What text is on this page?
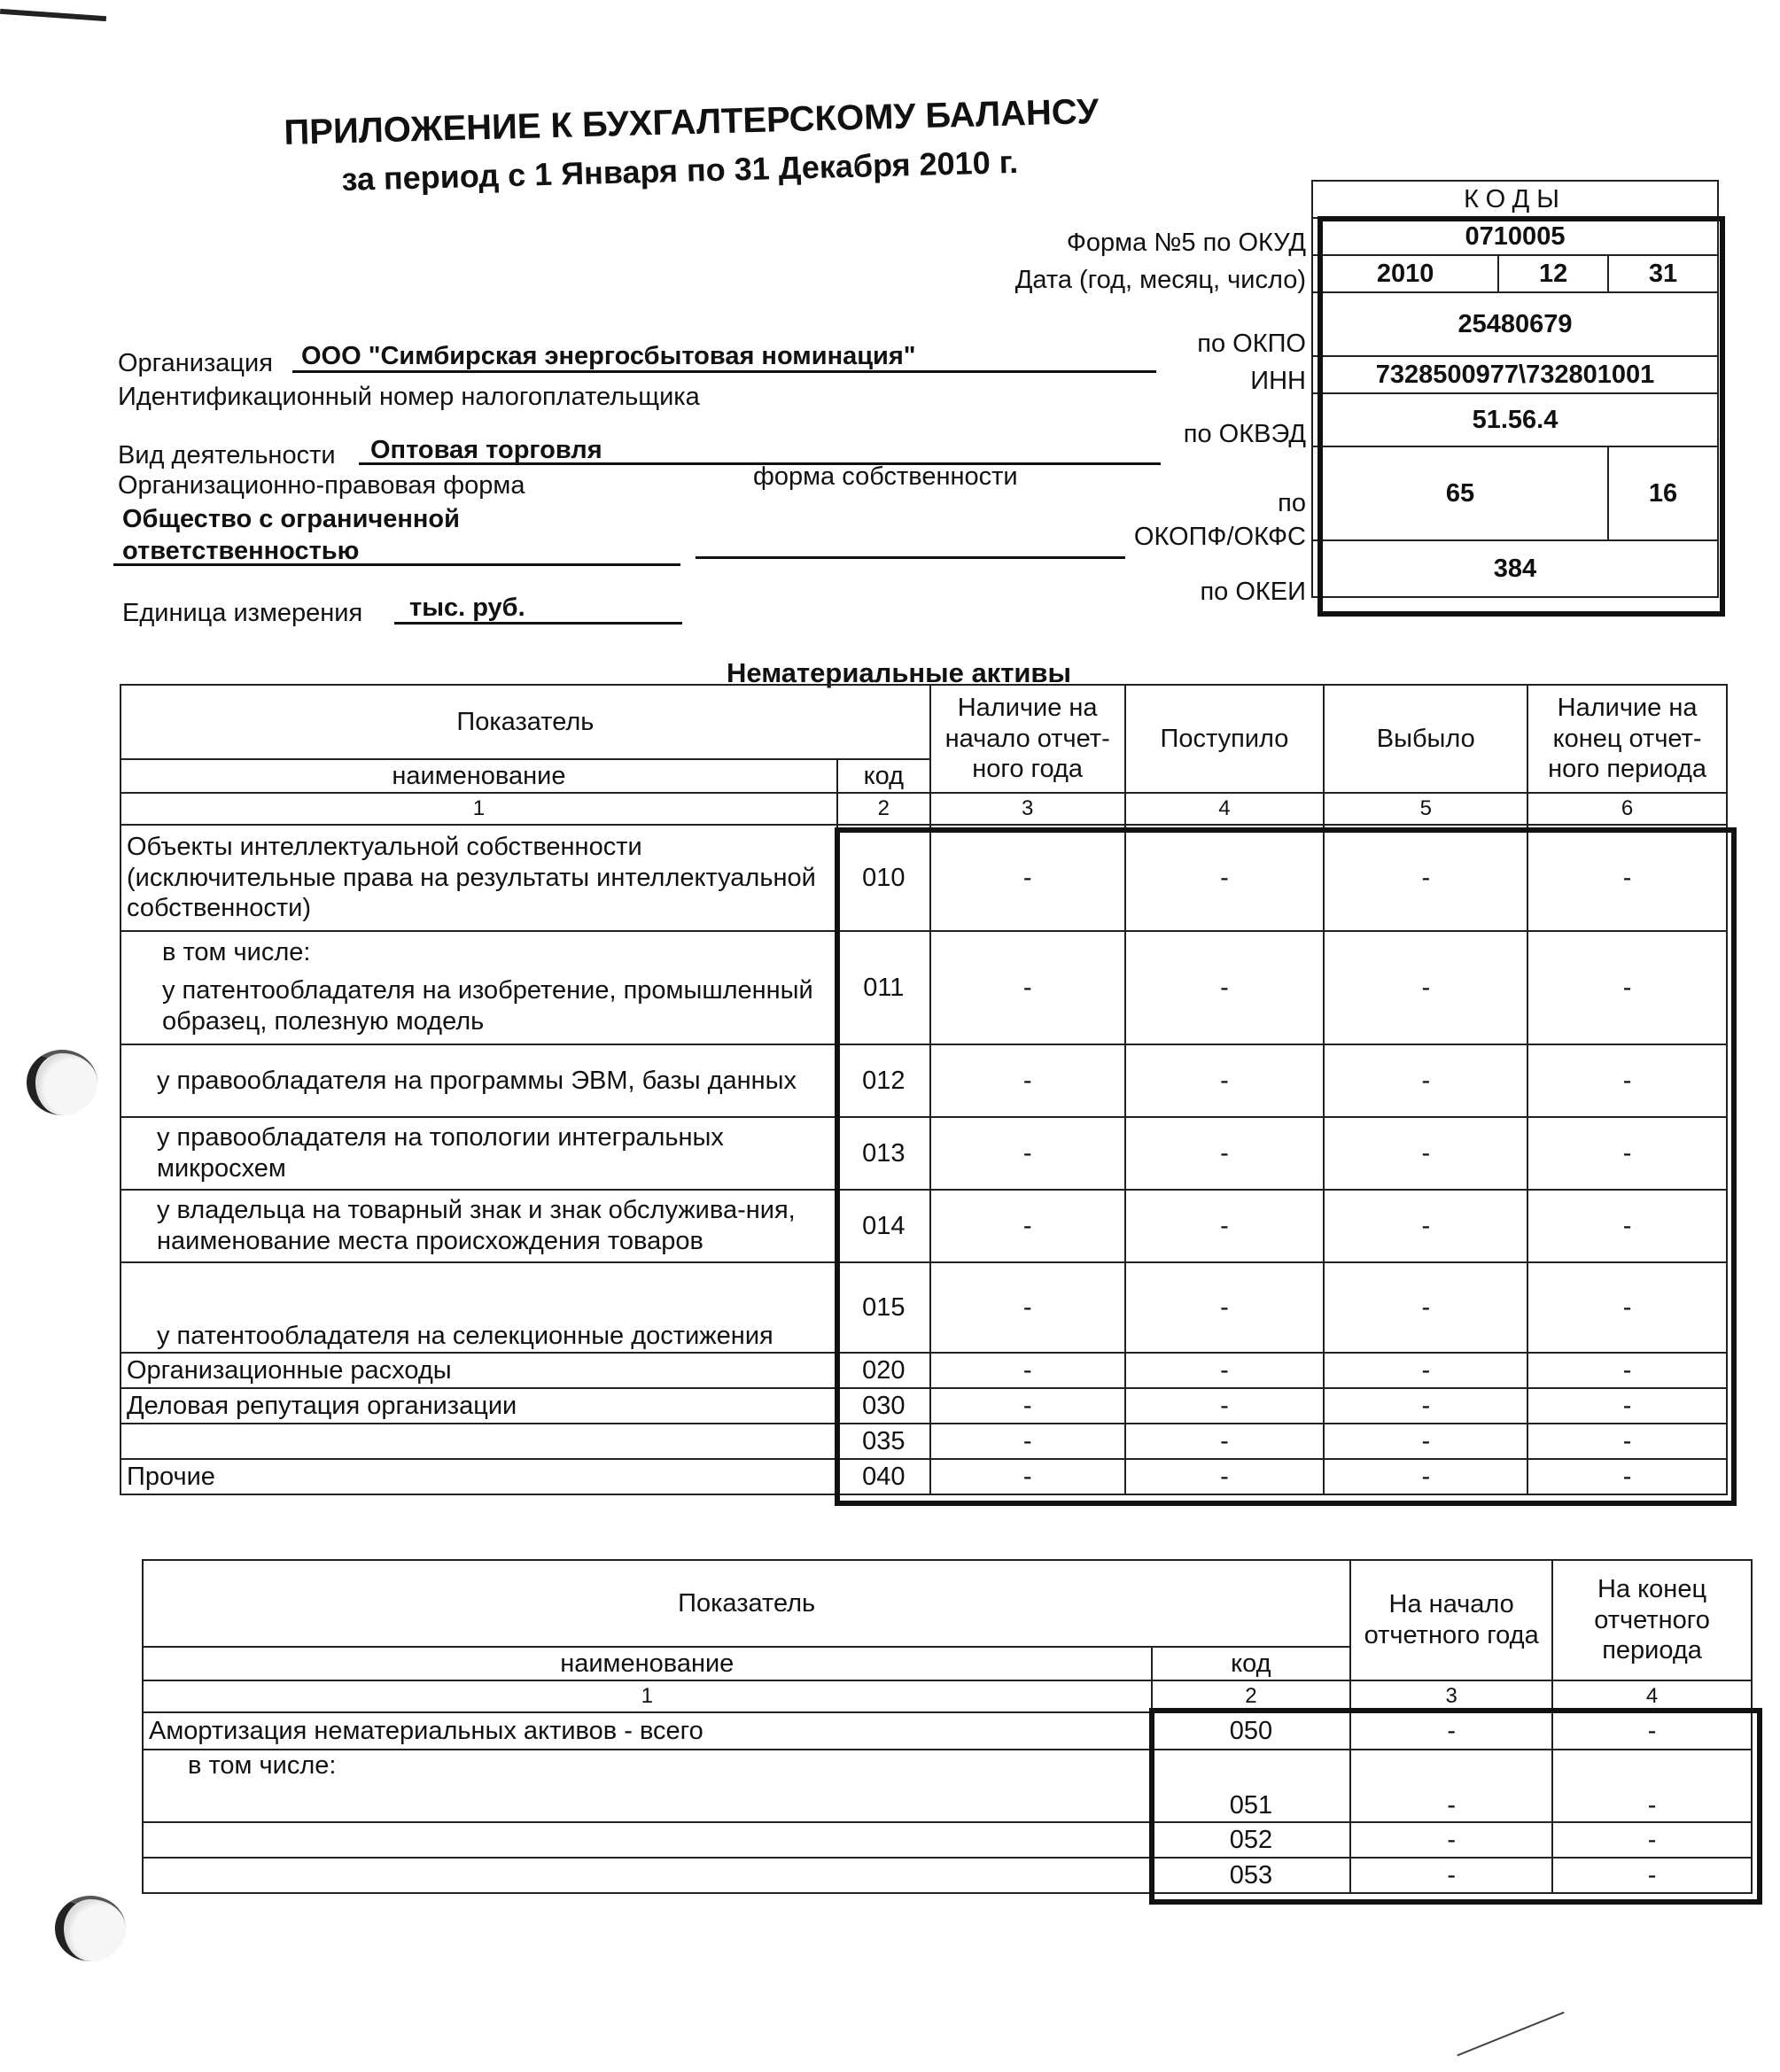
ПРИЛОЖЕНИЕ К БУХГАЛТЕРСКОМУ БАЛАНСУ
за период с 1 Января по 31 Декабря 2010 г.
Форма №5 по ОКУД
Дата (год, месяц, число)
по ОКПО
ИНН
по ОКВЭД
по
ОКОПФ/ОКФС
по ОКЕИ
КОДЫ		
0710005		
2010	12	31
25480679		
7328500977\732801001		
51.56.4		
65		16
384		
Организация ООО "Симбирская энергосбытовая номинация"
Идентификационный номер налогоплательщика
Вид деятельности Оптовая торговля
Организационно-правовая форма	форма собственности
Общество с ограниченной
ответственностью
Единица измерения тыс. руб.
Нематериальные активы
Показатель		Наличие на начало отчет-ного года	Поступило	Выбыло	Наличие на конец отчет-ного периода
наименование	код				
1	2	3	4	5	6
Объекты интеллектуальной собственности (исключительные права на результаты интеллектуальной собственности)	010	-	-	-	-

в том числе:
у патентообладателя на изобретение, промышленный образец, полезную модель	011	-	-	-	-
у правообладателя на программы ЭВМ, базы данных	012	-	-	-	-
у правообладателя на топологии интегральных микросхем	013	-	-	-	-
у владельца на товарный знак и знак обслужива-ния, наименование места происхождения товаров	014	-	-	-	-
у патентообладателя на селекционные достижения	015	-	-	-	-
Организационные расходы	020	-	-	-	-
Деловая репутация организации	030	-	-	-	-
	035	-	-	-	-
Прочие	040	-	-	-	-
Показатель		На начало отчетного года	На конец отчетного периода
наименование	код		
1	2	3	4
Амортизация нематериальных активов - всего	050	-	-
в том числе:	051	-	-
	052	-	-
	053	-	-
